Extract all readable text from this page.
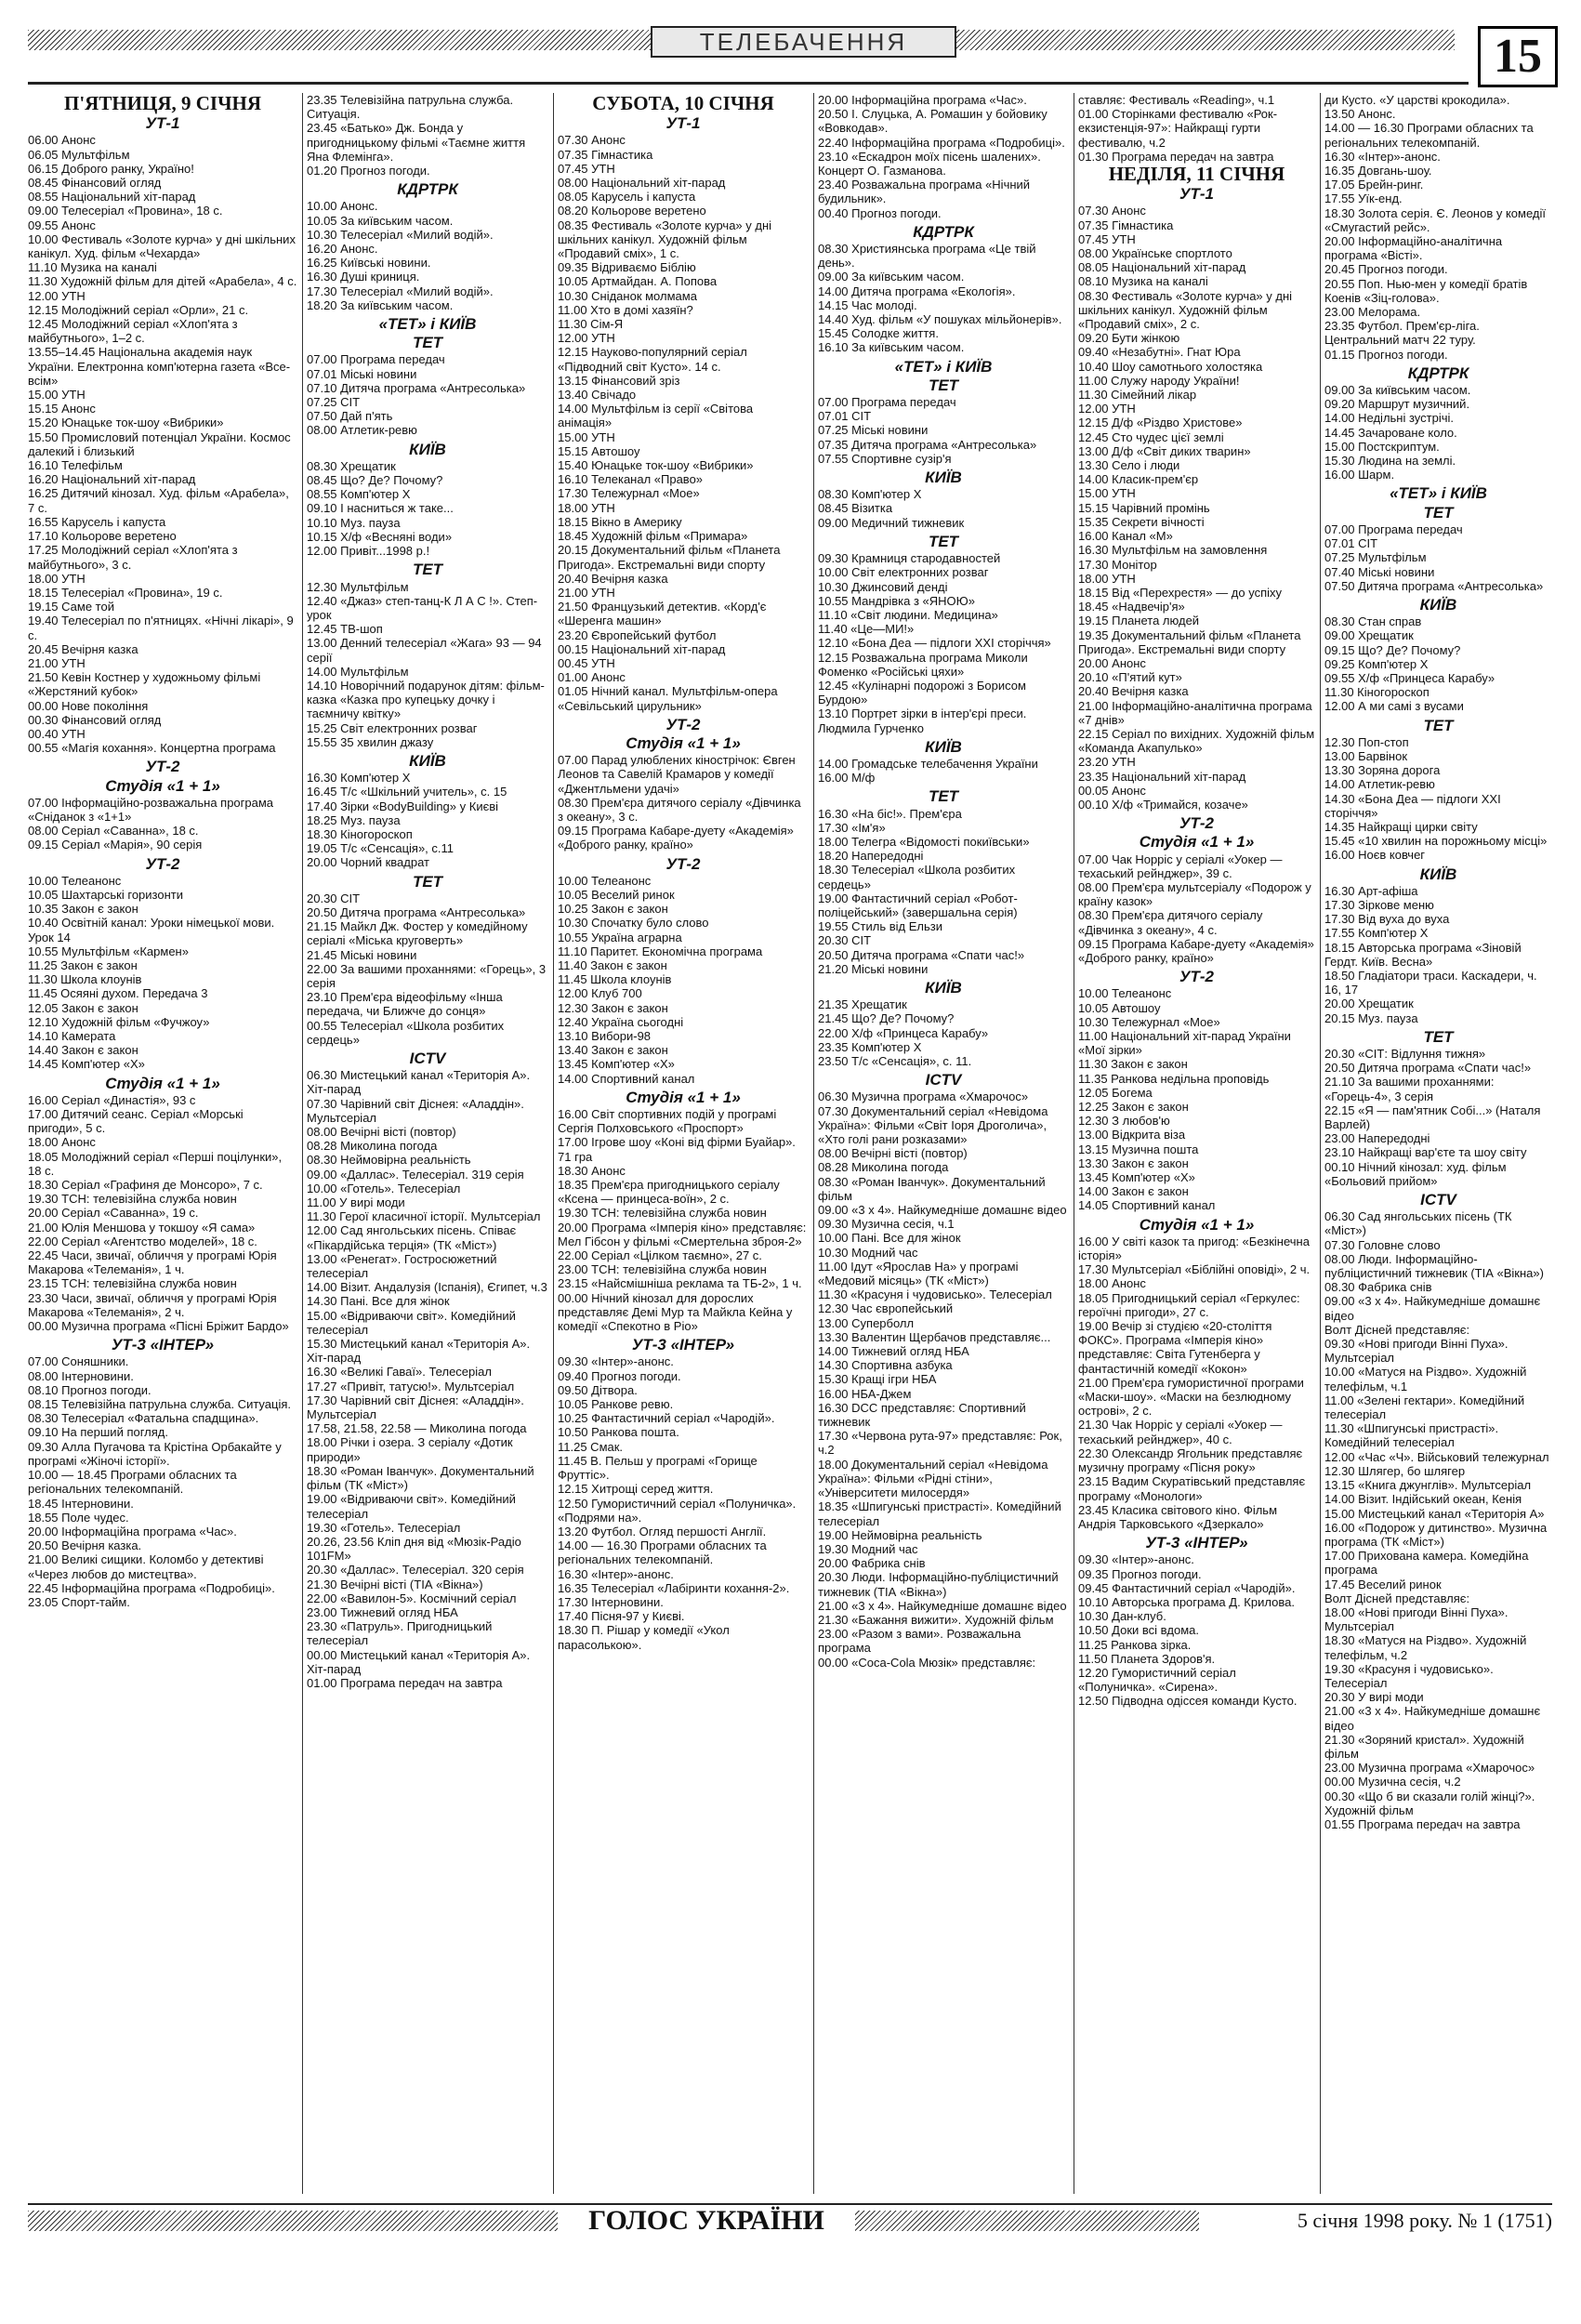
ТЕЛЕБАЧЕННЯ	15
П'ЯТНИЦЯ, 9 СІЧНЯ
УТ-1
06.00 Анонс
06.05 Мультфільм
06.15 Доброго ранку, Україно!
08.45 Фінансовий огляд
08.55 Національний хіт-парад
09.00 Телесеріал «Провина», 18 с.
09.55 Анонс
10.00 Фестиваль «Золоте курча» у дні шкільних канікул. Худ. фільм «Чехарда»
11.10 Музика на каналі
11.30 Художній фільм для дітей «Арабела», 4 с.
12.00 УТН
12.15 Молодіжний серіал «Орли», 21 с.
12.45 Молодіжний серіал «Хлоп'ята з майбутнього», 1–2 с.
13.55–14.45 Національна академія наук України. Електронна комп'ютерна газета «Все-всім»
15.00 УТН
15.15 Анонс
15.20 Юнацьке ток-шоу «Вибрики»
15.50 Промисловий потенціал України. Космос далекий і близький
16.10 Телефільм
16.20 Національний хіт-парад
16.25 Дитячий кінозал. Худ. фільм «Арабела», 7 с.
16.55 Карусель і капуста
17.10 Кольорове веретено
17.25 Молодіжний серіал «Хлоп'ята з майбутнього», 3 с.
18.00 УТН
18.15 Телесеріал «Провина», 19 с.
19.15 Саме той
19.40 Телесеріал по п'ятницях. «Нічні лікарі», 9 с.
20.45 Вечірня казка
21.00 УТН
21.50 Кевін Костнер у художньому фільмі «Жерстяний кубок»
00.00 Нове покоління
00.30 Фінансовий огляд
00.40 УТН
00.55 «Магія кохання». Концертна програма
УТ-2
Студія «1 + 1»
07.00 Інформаційно-розважальна програма «Сніданок з «1+1»
08.00 Серіал «Саванна», 18 с.
09.15 Серіал «Марія», 90 серія
УТ-2
10.00 Телеанонс
10.05 Шахтарські горизонти
10.35 Закон є закон
10.40 Освітній канал: Уроки німецької мови. Урок 14
10.55 Мультфільм «Кармен»
11.25 Закон є закон
11.30 Школа клоунів
11.45 Осяяні духом. Передача 3
12.05 Закон є закон
12.10 Художній фільм «Фучжоу»
14.10 Камерата
14.40 Закон є закон
14.45 Комп'ютер «Х»
Студія «1 + 1»
16.00 Серіал «Династія», 93 с
17.00 Дитячий сеанс. Серіал «Морські пригоди», 5 с.
18.00 Анонс
18.05 Молодіжний серіал «Перші поцілунки», 18 с.
18.30 Серіал «Графиня де Монсоро», 7 с.
19.30 ТСН: телевізійна служба новин
20.00 Серіал «Саванна», 19 с.
21.00 Юлія Меншова у токшоу «Я сама»
22.00 Серіал «Агентство моделей», 18 с.
22.45 Часи, звичаї, обличчя у програмі Юрія Макарова «Телеманія», 1 ч.
23.15 ТСН: телевізійна служба новин
23.30 Часи, звичаї, обличчя у програмі Юрія Макарова «Телеманія», 2 ч.
00.00 Музична програма «Пісні Бріжит Бардо»
УТ-3 «ІНТЕР»
07.00 Соняшники.
08.00 Інтерновини.
08.10 Прогноз погоди.
08.15 Телевізійна патрульна служба. Ситуація.
08.30 Телесеріал «Фатальна спадщина».
09.10 На перший погляд.
09.30 Алла Пугачова та Крістіна Орбакайте у програмі «Жіночі історії».
10.00 — 18.45 Програми обласних та регіональних телекомпаній.
18.45 Інтерновини.
18.55 Поле чудес.
20.00 Інформаційна програма «Час».
20.50 Вечірня казка.
21.00 Великі сищики. Коломбо у детективі «Через любов до мистецтва».
22.45 Інформаційна програма «Подробиці».
23.05 Спорт-тайм.
23.35 Телевізійна патрульна служба. Ситуація.
23.45 «Батько» Дж. Бонда у пригодницькому фільмі «Таємне життя Яна Флемінга».
01.20 Прогноз погоди.
КДРТРК
10.00 Анонс.
10.05 За київським часом.
10.30 Телесеріал «Милий водій».
16.20 Анонс.
16.25 Київські новини.
16.30 Душі криниця.
17.30 Телесеріал «Милий водій».
18.20 За київським часом.
«ТЕТ» і КИЇВ
ТЕТ
07.00 Програма передач
07.01 Міські новини
07.10 Дитяча програма «Антресолька»
07.25 СІТ
07.50 Дай п'ять
08.00 Атлетик-ревю
КИЇВ
08.30 Хрещатик
08.45 Що? Де? Почому?
08.55 Комп'ютер Х
09.10 І насниться ж таке...
10.10 Муз. пауза
10.15 Х/ф «Весняні води»
12.00 Привіт...1998 р.!
ТЕТ
12.30 Мультфільм
12.40 «Джаз» степ-танц-К Л А С !». Степ-урок
12.45 ТВ-шоп
13.00 Денний телесеріал «Жага» 93 — 94 серії
14.00 Мультфільм
14.10 Новорічний подарунок дітям: фільм-казка «Казка про купецьку дочку і таємничу квітку»
15.25 Світ електронних розваг
15.55 35 хвилин джазу
КИЇВ
16.30 Комп'ютер Х
16.45 Т/с «Шкільний учитель», с. 15
17.40 Зірки «BodyBuilding» у Києві
18.25 Муз. пауза
18.30 Кіногороскоп
19.05 Т/с «Сенсація», с.11
20.00 Чорний квадрат
ТЕТ
20.30 СІТ
20.50 Дитяча програма «Антресолька»
21.15 Майкл Дж. Фостер у комедійному серіалі «Міська круговерть»
21.45 Міські новини
22.00 За вашими проханнями: «Горець», 3 серія
23.10 Прем'єра відеофільму «Інша передача, чи Ближче до сонця»
00.55 Телесеріал «Школа розбитих сердець»
ІСTV
06.30 Мистецький канал «Територія А». Хіт-парад
07.30 Чарівний світ Діснея: «Аладдін». Мультсеріал
08.00 Вечірні вісті (повтор)
08.28 Миколина погода
08.30 Неймовірна реальність
09.00 «Даллас». Телесеріал. 319 серія
10.00 «Готель». Телесеріал
11.00 У вирі моди
11.30 Герої класичної історії. Мультсеріал
12.00 Сад янгольських пісень. Співає «Пікардійська терція» (ТК «Міст»)
13.00 «Ренегат». Гостросюжетний телесеріал
14.00 Візит. Андалузія (Іспанія), Єгипет, ч.3
14.30 Пані. Все для жінок
15.00 «Відриваючи світ». Комедійний телесеріал
15.30 Мистецький канал «Територія А». Хіт-парад
16.30 «Великі Гаваї». Телесеріал
17.27 «Привіт, татусю!». Мультсеріал
17.30 Чарівний світ Діснея: «Аладдін». Мультсеріал
17.58, 21.58, 22.58 — Миколина погода
18.00 Річки і озера. З серіалу «Дотик природи»
18.30 «Роман Іванчук». Документальний фільм (ТК «Міст»)
19.00 «Відриваючи світ». Комедійний телесеріал
19.30 «Готель». Телесеріал
20.26, 23.56 Кліп дня від «Мюзік-Радіо 101FM»
20.30 «Даллас». Телесеріал. 320 серія
21.30 Вечірні вісті (ТІА «Вікна»)
22.00 «Вавилон-5». Космічний серіал
23.00 Тижневий огляд НБА
23.30 «Патруль». Пригодницький телесеріал
00.00 Мистецький канал «Територія А». Хіт-парад
01.00 Програма передач на завтра
СУБОТА, 10 СІЧНЯ
УТ-1
07.30 Анонс
07.35 Гімнастика
07.45 УТН
08.00 Національний хіт-парад
08.05 Карусель і капуста
08.20 Кольорове веретено
08.35 Фестиваль «Золоте курча» у дні шкільних канікул. Художній фільм «Продавий сміх», 1 с.
09.35 Відриваємо Біблію
10.05 Артмайдан. А. Попова
10.30 Сніданок молмама
11.00 Хто в домі хазяїн?
11.30 Сім-Я
12.00 УТН
12.15 Науково-популярний серіал «Підводний світ Кусто». 14 с.
13.15 Фінансовий зріз
13.40 Свічадо
14.00 Мультфільм із серії «Світова анімація»
15.00 УТН
15.15 Автошоу
15.40 Юнацьке ток-шоу «Вибрики»
16.10 Телеканал «Право»
17.30 Тележурнал «Мое»
18.00 УТН
18.15 Вікно в Америку
18.45 Художній фільм «Примара»
20.15 Документальний фільм «Планета Пригода». Екстремальні види спорту
20.40 Вечірня казка
21.00 УТН
21.50 Французький детектив. «Корд'є «Шеренга машин»
23.20 Європейський футбол
00.15 Національний хіт-парад
00.45 УТН
01.00 Анонс
01.05 Нічний канал. Мультфільм-опера «Севільський цирульник»
УТ-2
Студія «1 + 1»
07.00 Парад улюблених кінострічок: Євген Леонов та Савелій Крамаров у комедії «Джентльмени удачі»
08.30 Прем'єра дитячого серіалу «Дівчинка з океану», 3 с.
09.15 Програма Кабаре-дуету «Академія» «Доброго ранку, країно»
УТ-2
10.00 Телеанонс
10.05 Веселий ринок
10.25 Закон є закон
10.30 Спочатку було слово
10.55 Україна аграрна
11.10 Паритет. Економічна програма
11.40 Закон є закон
11.45 Школа клоунів
12.00 Клуб 700
12.30 Закон є закон
12.40 Україна сьогодні
13.10 Вибори-98
13.40 Закон є закон
13.45 Комп'ютер «Х»
14.00 Спортивний канал
Студія «1 + 1»
16.00 Світ спортивних подій у програмі Сергія Полховського «Проспорт»
17.00 Ігрове шоу «Коні від фірми Буайар». 71 гра
18.30 Анонс
18.35 Прем'єра пригодницького серіалу «Ксена — принцеса-воїн», 2 с.
19.30 ТСН: телевізійна служба новин
20.00 Програма «Імперія кіно» представляє: Мел Гібсон у фільмі «Смертельна зброя-2»
22.00 Серіал «Цілком таємно», 27 с.
23.00 ТСН: телевізійна служба новин
23.15 «Найсмішніша реклама та ТБ-2», 1 ч.
00.00 Нічний кінозал для дорослих представляє Демі Мур та Майкла Кейна у комедії «Спекотно в Ріо»
УТ-3 «ІНТЕР»
09.30 «Інтер»-анонс.
09.40 Прогноз погоди.
09.50 Дітвора.
10.05 Ранкове ревю.
10.25 Фантастичний серіал «Чародій».
10.50 Ранкова пошта.
11.25 Смак.
11.45 В. Пельш у програмі «Горище Фруттіс».
12.15 Хитрощі серед життя.
12.50 Гумористичний серіал «Полуничка». «Подрями на».
13.20 Футбол. Огляд першості Англії.
14.00 — 16.30 Програми обласних та регіональних телекомпаній.
16.30 «Інтер»-анонс.
16.35 Телесеріал «Лабіринти кохання-2».
17.30 Інтерновини.
17.40 Пісня-97 у Києві.
18.30 П. Рішар у комедії «Укол парасолькою».
20.00 Інформаційна програма «Час».
20.50 І. Слуцька, А. Ромашин у бойовику «Вовкодав».
22.40 Інформаційна програма «Подробиці».
23.10 «Ескадрон моїх пісень шалених». Концерт О. Газманова.
23.40 Розважальна програма «Нічний будильник».
00.40 Прогноз погоди.
КДРТРК
08.30 Християнська програма «Це твій день».
09.00 За київським часом.
14.00 Дитяча програма «Екологія».
14.15 Час молоді.
14.40 Худ. фільм «У пошуках мільйонерів».
15.45 Солодке життя.
16.10 За київським часом.
«ТЕТ» і КИЇВ
ТЕТ
07.00 Програма передач
07.01 СІТ
07.25 Міські новини
07.35 Дитяча програма «Антресолька»
07.55 Спортивне сузір'я
КИЇВ
08.30 Комп'ютер Х
08.45 Візитка
09.00 Медичний тижневик
ТЕТ
09.30 Крамниця стародавностей
10.00 Світ електронних розваг
10.30 Джинсовий денді
10.55 Мандрівка з «ЯНОЮ»
11.10 «Світ людини. Медицина»
11.40 «Це—МИ!»
12.10 «Бона Деа — підлоги ХХІ сторіччя»
12.15 Розважальна програма Миколи Фоменко «Російські цяхи»
12.45 «Кулінарні подорожі з Борисом Бурдою»
13.10 Портрет зірки в інтер'єрі преси. Людмила Гурченко
КИЇВ
14.00 Громадське телебачення України
16.00 М/ф
ТЕТ
16.30 «На біс!». Прем'єра
17.30 «Ім'я»
18.00 Телегра «Відомості покиївськи»
18.20 Напередодні
18.30 Телесеріал «Школа розбитих сердець»
19.00 Фантастичний серіал «Робот-поліцейський» (завершальна серія)
19.55 Стиль від Ельзи
20.30 СІТ
20.50 Дитяча програма «Спати час!»
21.20 Міські новини
КИЇВ
21.35 Хрещатик
21.45 Що? Де? Почому?
22.00 Х/ф «Принцеса Карабу»
23.35 Комп'ютер Х
23.50 Т/с «Сенсація», с. 11.
ІСTV
06.30 Музична програма «Хмарочос»
07.30 Документальний серіал «Невідома Україна»: Фільми «Світ Іоря Дроголича», «Хто голі рани розказами»
08.00 Вечірні вісті (повтор)
08.28 Миколина погода
08.30 «Роман Іванчук». Документальний фільм
09.00 «3 х 4». Найкумедніше домашнє відео
09.30 Музична сесія, ч.1
10.00 Пані. Все для жінок
10.30 Модний час
11.00 Ідут «Ярослав На» у програмі «Медовий місяць» (ТК «Міст»)
11.30 «Красуня і чудовисько». Телесеріал
12.30 Час європейський
13.00 Суперболл
13.30 Валентин Щербачов представляє...
14.00 Тижневий огляд НБА
14.30 Спортивна азбука
15.30 Кращі ігри НБА
16.00 НБА-Джем
16.30 DCC представляє: Спортивний тижневик
17.30 «Червона рута-97» представляє: Рок, ч.2
18.00 Документальний серіал «Невідома Україна»: Фільми «Рідні стіни», «Університети милосердя»
18.35 «Шпигунські пристрасті». Комедійний телесеріал
19.00 Неймовірна реальність
19.30 Модний час
20.00 Фабрика снів
20.30 Люди. Інформаційно-публіцистичний тижневик (ТІА «Вікна»)
21.00 «3 х 4». Найкумедніше домашнє відео
21.30 «Бажання вижити». Художній фільм
23.00 «Разом з вами». Розважальна програма
00.00 «Coca-Cola Мюзік» представляє:
ставляє: Фестиваль «Reading», ч.1
01.00 Сторінками фестивалю «Рок-екзистенція-97»: Найкращі гурти фестивалю, ч.2
01.30 Програма передач на завтра
НЕДІЛЯ, 11 СІЧНЯ
УТ-1
07.30 Анонс
07.35 Гімнастика
07.45 УТН
08.00 Українське спортлото
08.05 Національний хіт-парад
08.10 Музика на каналі
08.30 Фестиваль «Золоте курча» у дні шкільних канікул. Художній фільм «Продавий сміх», 2 с.
09.20 Бути жінкою
09.40 «Незабутні». Гнат Юра
10.40 Шоу самотнього холостяка
11.00 Служу народу України!
11.30 Сімейний лікар
12.00 УТН
12.15 Д/ф «Різдво Христове»
12.45 Сто чудес цієї землі
13.00 Д/ф «Світ диких тварин»
13.30 Село і люди
14.00 Класик-прем'єр
15.00 УТН
15.15 Чарівний промінь
15.35 Секрети вічності
16.00 Канал «М»
16.30 Мультфільм на замовлення
17.30 Монітор
18.00 УТН
18.15 Від «Перехрестя» — до успіху
18.45 «Надвечір'я»
19.15 Планета людей
19.35 Документальний фільм «Планета Пригода». Екстремальні види спорту
20.00 Анонс
20.10 «П'ятий кут»
20.40 Вечірня казка
21.00 Інформаційно-аналітична програма «7 днів»
22.15 Серіал по вихідних. Художній фільм «Команда Акапулько»
23.20 УТН
23.35 Національний хіт-парад
00.05 Анонс
00.10 Х/ф «Тримайся, козаче»
УТ-2
Студія «1 + 1»
07.00 Чак Норріс у серіалі «Уокер — техаський рейнджер», 39 с.
08.00 Прем'єра мультсеріалу «Подорож у країну казок»
08.30 Прем'єра дитячого серіалу «Дівчинка з океану», 4 с.
09.15 Програма Кабаре-дуету «Академія» «Доброго ранку, країно»
УТ-2
10.00 Телеанонс
10.05 Автошоу
10.30 Тележурнал «Мое»
11.00 Національний хіт-парад України «Мої зірки»
11.30 Закон є закон
11.35 Ранкова недільна проповідь
12.05 Богема
12.25 Закон є закон
12.30 З любов'ю
13.00 Відкрита віза
13.15 Музична пошта
13.30 Закон є закон
13.45 Комп'ютер «Х»
14.00 Закон є закон
14.05 Спортивний канал
Студія «1 + 1»
16.00 У світі казок та пригод: «Безкінечна історія»
17.30 Мультсеріал «Біблійні оповіді», 2 ч.
18.00 Анонс
18.05 Пригодницький серіал «Геркулес: героїчні пригоди», 27 с.
19.00 Вечір зі студією «20-століття ФОКС». Програма «Імперія кіно» представляє: Світа Гутенберга у фантастичній комедії «Кокон»
21.00 Прем'єра гумористичної програми «Маски-шоу». «Маски на безлюдному острові», 2 с.
21.30 Чак Норріс у серіалі «Уокер — техаський рейнджер», 40 с.
22.30 Олександр Ягольник представляє музичну програму «Пісня року»
23.15 Вадим Скуратівський представляє програму «Монологи»
23.45 Класика світового кіно. Фільм Андрія Тарковського «Дзеркало»
УТ-3 «ІНТЕР»
09.30 «Інтер»-анонс.
09.35 Прогноз погоди.
09.45 Фантастичний серіал «Чародій».
10.10 Авторська програма Д. Крилова.
10.30 Дан-клуб.
10.50 Доки всі вдома.
11.25 Ранкова зірка.
11.50 Планета Здоров'я.
12.20 Гумористичний серіал «Полуничка». «Сирена».
12.50 Підводна одіссея команди Кусто.
ди Кусто. «У царстві крокодила».
13.50 Анонс.
14.00 — 16.30 Програми обласних та регіональних телекомпаній.
16.30 «Інтер»-анонс.
16.35 Довгань-шоу.
17.05 Брейн-ринг.
17.55 Уїк-енд.
18.30 Золота серія. Є. Леонов у комедії «Смугастий рейс».
20.00 Інформаційно-аналітична програма «Вісті».
20.45 Прогноз погоди.
20.55 Поп. Нью-мен у комедії братів Коенів «Зіц-голова».
23.00 Мелорама.
23.35 Футбол. Прем'єр-ліга. Центральний матч 22 туру.
01.15 Прогноз погоди.
КДРТРК
09.00 За київським часом.
09.20 Маршрут музичний.
14.00 Недільні зустрічі.
14.45 Зачароване коло.
15.00 Постскриптум.
15.30 Людина на землі.
16.00 Шарм.
«ТЕТ» і КИЇВ
ТЕТ
07.00 Програма передач
07.01 СІТ
07.25 Мультфільм
07.40 Міські новини
07.50 Дитяча програма «Антресолька»
КИЇВ
08.30 Стан справ
09.00 Хрещатик
09.15 Що? Де? Почому?
09.25 Комп'ютер Х
09.55 Х/ф «Принцеса Карабу»
11.30 Кіногороскоп
12.00 А ми самі з вусами
ТЕТ
12.30 Поп-стоп
13.00 Барвінок
13.30 Зоряна дорога
14.00 Атлетик-ревю
14.30 «Бона Деа — підлоги ХХІ сторіччя»
14.35 Найкращі цирки світу
15.45 «10 хвилин на порожньому місці»
16.00 Ноєв ковчег
КИЇВ
16.30 Арт-афіша
17.30 Зіркове меню
17.30 Від вуха до вуха
17.55 Комп'ютер Х
18.15 Авторська програма «Зіновій Гердт. Київ. Весна»
18.50 Гладіатори траси. Каскадери, ч. 16, 17
20.00 Хрещатик
20.15 Муз. пауза
ТЕТ
20.30 «СІТ: Відлуння тижня»
20.50 Дитяча програма «Спати час!»
21.10 За вашими проханнями: «Горець-4», 3 серія
22.15 «Я — пам'ятник Собі...» (Наталя Варлей)
23.00 Напередодні
23.10 Найкращі вар'єте та шоу світу
00.10 Нічний кінозал: худ. фільм «Больовий прийом»
ІСTV
06.30 Сад янгольських пісень (ТК «Міст»)
07.30 Головне слово
08.00 Люди. Інформаційно-публіцистичний тижневик (ТІА «Вікна»)
08.30 Фабрика снів
09.00 «3 х 4». Найкумедніше домашнє відео
Волт Дісней представляє:
09.30 «Нові пригоди Вінні Пуха». Мультсеріал
10.00 «Матуся на Різдво». Художній телефільм, ч.1
11.00 «Зелені гектари». Комедійний телесеріал
11.30 «Шпигунські пристрасті». Комедійний телесеріал
12.00 «Час «Ч». Військовий тележурнал
12.30 Шлягер, бо шлягер
13.15 «Книга джунглів». Мультсеріал
14.00 Візит. Індійський океан, Кенія
15.00 Мистецький канал «Територія А»
16.00 «Подорож у дитинство». Музична програма (ТК «Міст»)
17.00 Прихована камера. Комедійна програма
17.45 Веселий ринок
Волт Дісней представляє:
18.00 «Нові пригоди Вінні Пуха». Мультсеріал
18.30 «Матуся на Різдво». Художній телефільм, ч.2
19.30 «Красуня і чудовисько». Телесеріал
20.30 У вирі моди
21.00 «3 х 4». Найкумедніше домашнє відео
21.30 «Зоряний кристал». Художній фільм
23.00 Музична програма «Хмарочос»
00.00 Музична сесія, ч.2
00.30 «Що б ви сказали голій жінці?». Художній фільм
01.55 Програма передач на завтра
ГОЛОС УКРАЇНИ	5 січня 1998 року. № 1 (1751)
